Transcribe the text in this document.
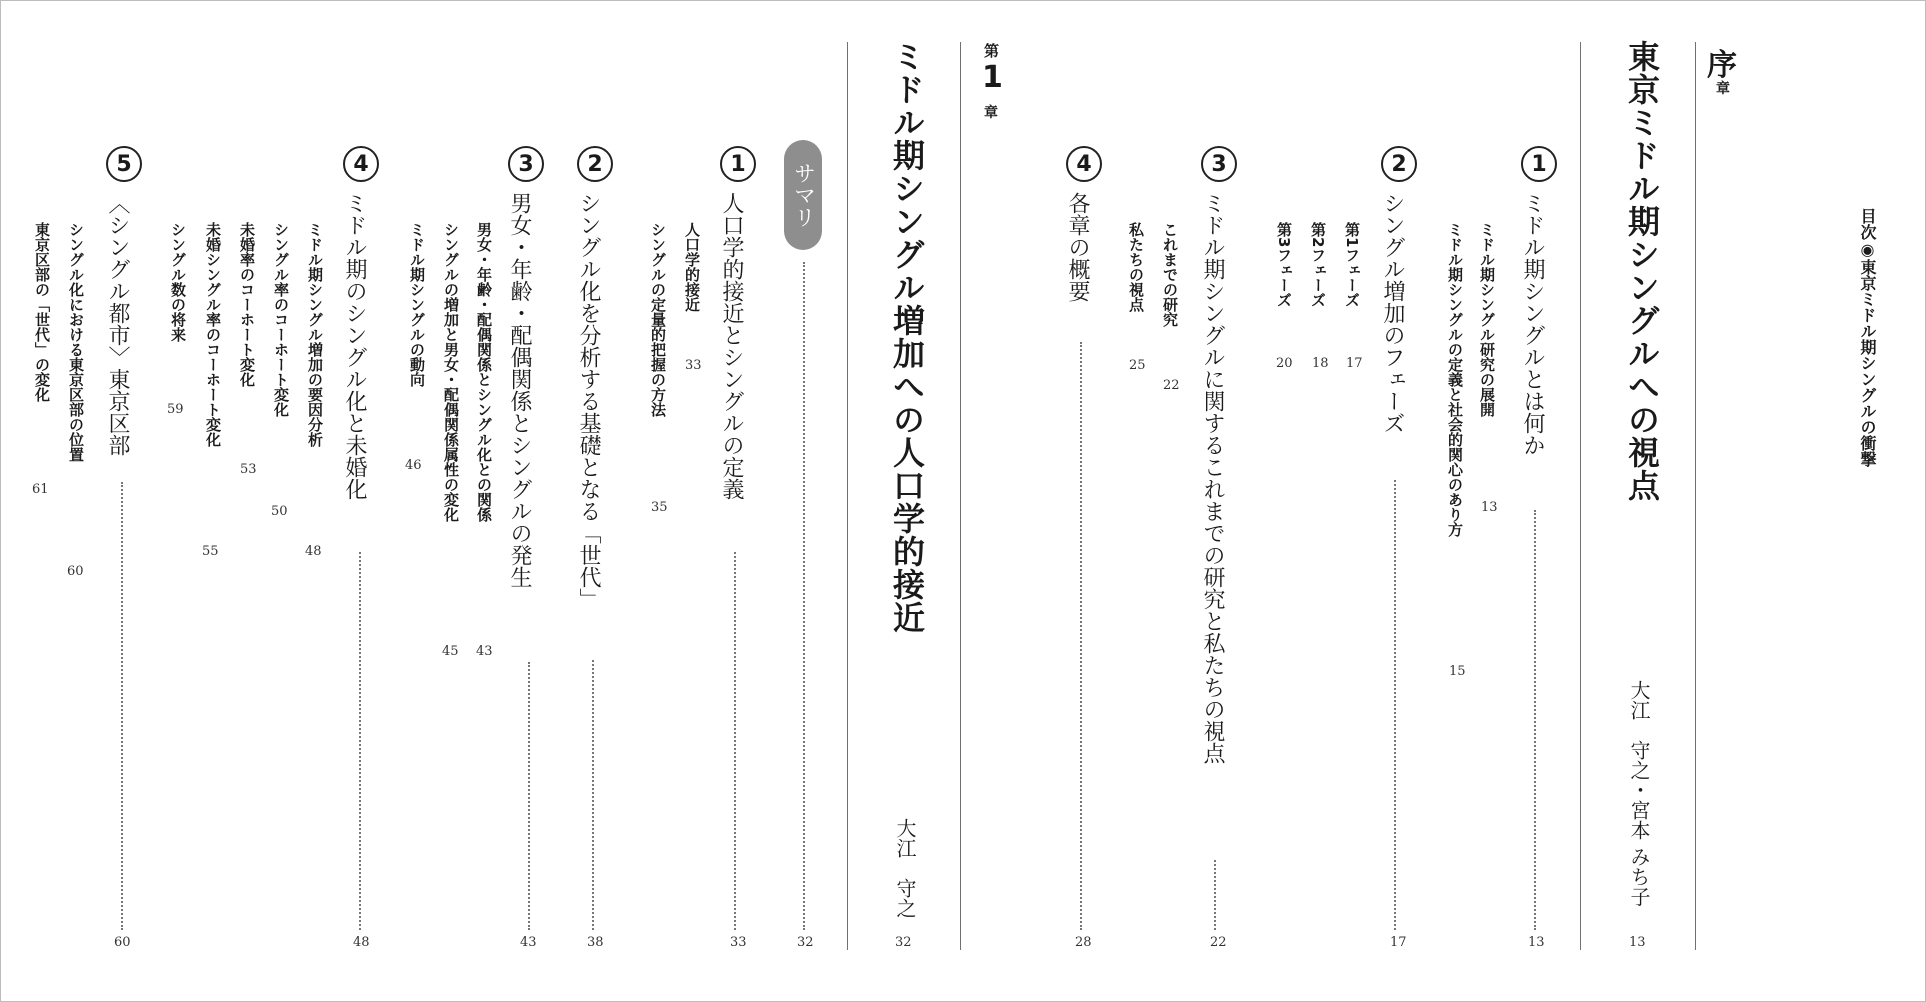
目次◉東京ミドル期シングルの衝撃
序
章
東京ミドル期シングルへの視点
大江　守之・宮本 みち子
13
1
ミドル期シングルとは何か
13
ミドル期シングル研究の展開
13
ミドル期シングルの定義と社会的関心のあり方
15
2
シングル増加のフェーズ
17
第1フェーズ
17
第2フェーズ
18
第3フェーズ
20
3
ミドル期シングルに関するこれまでの研究と私たちの視点
22
これまでの研究
22
私たちの視点
25
4
各章の概要
28
第
1
章
ミドル期シングル増加への人口学的接近
大江　守之
32
サマリ
32
1
人口学的接近とシングルの定義
33
人口学的接近
33
シングルの定量的把握の方法
35
2
シングル化を分析する基礎となる「世代」
38
3
男女・年齢・配偶関係とシングルの発生
43
男女・年齢・配偶関係とシングル化との関係
43
シングルの増加と男女・配偶関係属性の変化
45
ミドル期シングルの動向
46
4
ミドル期のシングル化と未婚化
48
ミドル期シングル増加の要因分析
48
シングル率のコーホート変化
50
未婚率のコーホート変化
53
未婚シングル率のコーホート変化
55
シングル数の将来
59
5
〈シングル都市〉東京区部
60
シングル化における東京区部の位置
60
東京区部の「世代」の変化
61
